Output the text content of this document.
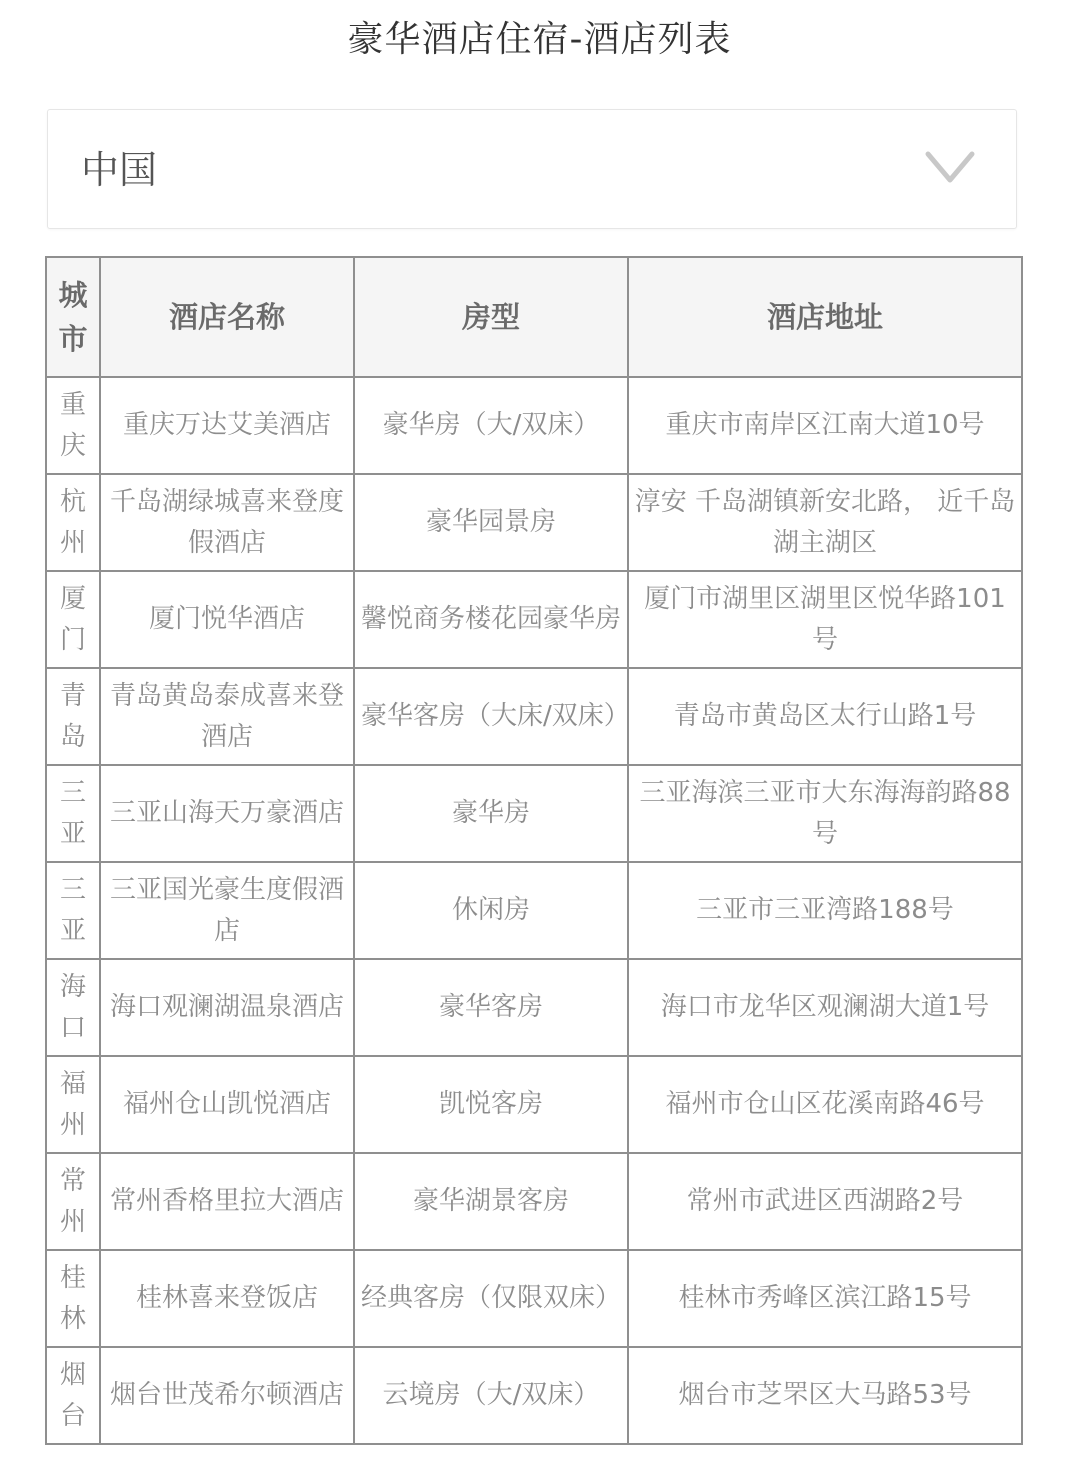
豪华酒店住宿-酒店列表
中国
城市	酒店名称	房型	酒店地址
重庆	重庆万达艾美酒店	豪华房（大/双床）	重庆市南岸区江南大道10号
杭州	千岛湖绿城喜来登度假酒店	豪华园景房	淳安 千岛湖镇新安北路， 近千岛湖主湖区
厦门	厦门悦华酒店	馨悦商务楼花园豪华房	厦门市湖里区湖里区悦华路101号
青岛	青岛黄岛泰成喜来登酒店	豪华客房（大床/双床）	青岛市黄岛区太行山路1号
三亚	三亚山海天万豪酒店	豪华房	三亚海滨三亚市大东海海韵路88号
三亚	三亚国光豪生度假酒店	休闲房	三亚市三亚湾路188号
海口	海口观澜湖温泉酒店	豪华客房	海口市龙华区观澜湖大道1号
福州	福州仓山凯悦酒店	凯悦客房	福州市仓山区花溪南路46号
常州	常州香格里拉大酒店	豪华湖景客房	常州市武进区西湖路2号
桂林	桂林喜来登饭店	经典客房（仅限双床）	桂林市秀峰区滨江路15号
烟台	烟台世茂希尔顿酒店	云境房（大/双床）	烟台市芝罘区大马路53号
